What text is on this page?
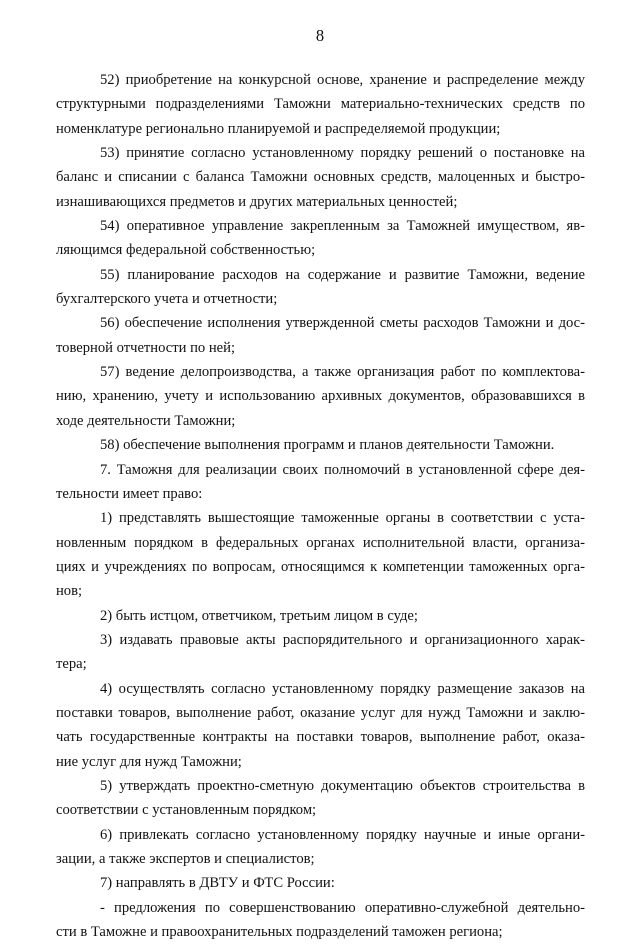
8
52) приобретение на конкурсной основе, хранение и распределение между
структурными подразделениями Таможни материально-технических средств по
номенклатуре регионально планируемой и распределяемой продукции;
53) принятие согласно установленному порядку решений о постановке на
баланс и списании с баланса Таможни основных средств, малоценных и быстро-
изнашивающихся предметов и других материальных ценностей;
54) оперативное управление закрепленным за Таможней имуществом, яв-
ляющимся федеральной собственностью;
55) планирование расходов на содержание и развитие Таможни, ведение
бухгалтерского учета и отчетности;
56) обеспечение исполнения утвержденной сметы расходов Таможни и дос-
товерной отчетности по ней;
57) ведение делопроизводства, а также организация работ по комплектова-
нию, хранению, учету и использованию архивных документов, образовавшихся в
ходе деятельности Таможни;
58) обеспечение выполнения программ и планов деятельности Таможни.
7. Таможня для реализации своих полномочий в установленной сфере дея-
тельности имеет право:
1) представлять вышестоящие таможенные органы в соответствии с уста-
новленным порядком в федеральных органах исполнительной власти, организа-
циях и учреждениях по вопросам, относящимся к компетенции таможенных орга-
нов;
2) быть истцом, ответчиком, третьим лицом в суде;
3) издавать правовые акты распорядительного и организационного харак-
тера;
4) осуществлять согласно установленному порядку размещение заказов на
поставки товаров, выполнение работ, оказание услуг для нужд Таможни и заклю-
чать государственные контракты на поставки товаров, выполнение работ, оказа-
ние услуг для нужд Таможни;
5) утверждать проектно-сметную документацию объектов строительства в
соответствии с установленным порядком;
6) привлекать согласно установленному порядку научные и иные органи-
зации, а также экспертов и специалистов;
7) направлять в ДВТУ и ФТС России:
- предложения по совершенствованию оперативно-служебной деятельно-
сти в Таможне и правоохранительных подразделений таможен региона;
